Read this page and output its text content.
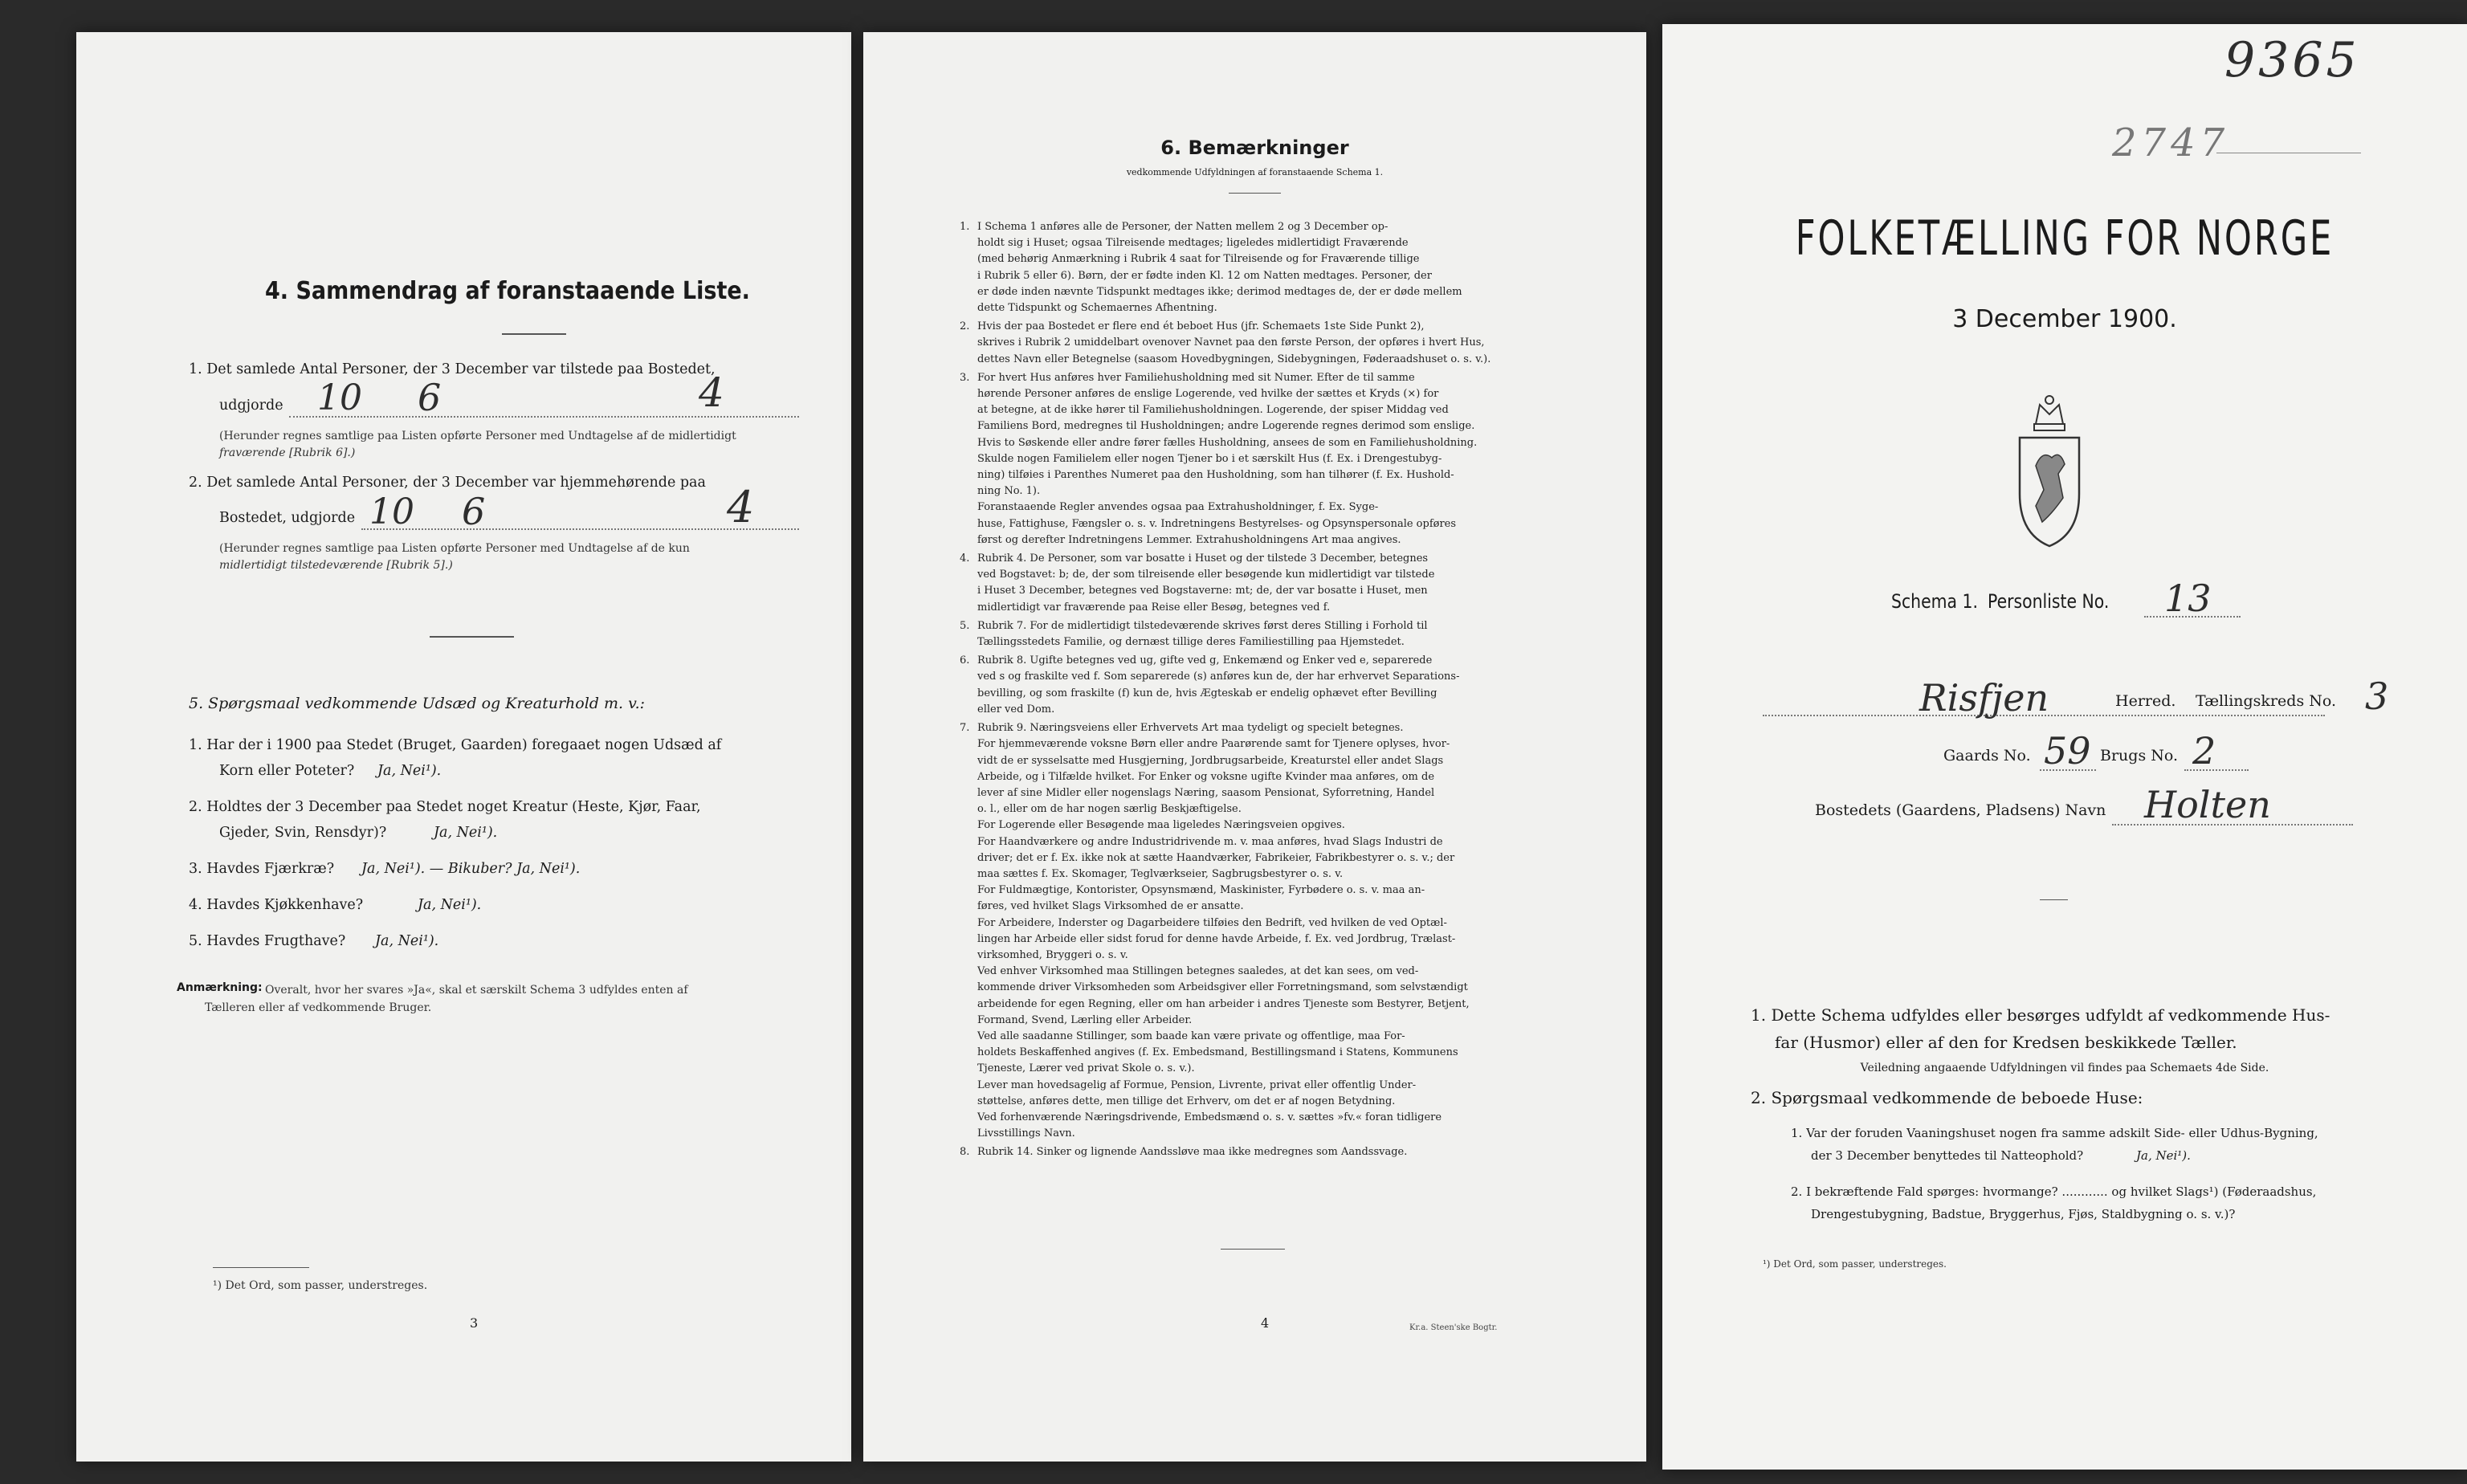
4. Sammendrag af foranstaaende Liste.
1. Det samlede Antal Personer, der 3 December var tilstede paa Bostedet,
udgjorde 10 6	4
(Herunder regnes samtlige paa Listen opførte Personer med Undtagelse af de midlertidigt
fraværende [Rubrik 6].)
2. Det samlede Antal Personer, der 3 December var hjemmehørende paa
Bostedet, udgjorde 10 6	4
(Herunder regnes samtlige paa Listen opførte Personer med Undtagelse af de kun
midlertidigt tilstedeværende [Rubrik 5].)
5. Spørgsmaal vedkommende Udsæd og Kreaturhold m. v.:
1. Har der i 1900 paa Stedet (Bruget, Gaarden) foregaaet nogen Udsæd af
Korn eller Poteter? Ja, Nei¹).
2. Holdtes der 3 December paa Stedet noget Kreatur (Heste, Kjør, Faar,
Gjeder, Svin, Rensdyr)?	Ja, Nei¹).
3. Havdes Fjærkræ? Ja, Nei¹). — Bikuber? Ja, Nei¹).
4. Havdes Kjøkkenhave?	Ja, Nei¹).
5. Havdes Frugthave? Ja, Nei¹).
Anmærkning: Overalt, hvor her svares »Ja«, skal et særskilt Schema 3 udfyldes enten af
Tælleren eller af vedkommende Bruger.
¹) Det Ord, som passer, understreges.
3
6. Bemærkninger
vedkommende Udfyldningen af foranstaaende Schema 1.
1. I Schema 1 anføres alle de Personer, der Natten mellem 2 og 3 December op-
holdt sig i Huset; ogsaa Tilreisende medtages; ligeledes midlertidigt Fraværende
(med behørig Anmærkning i Rubrik 4 saat for Tilreisende og for Fraværende tillige
i Rubrik 5 eller 6). Børn, der er fødte inden Kl. 12 om Natten medtages. Personer, der
er døde inden nævnte Tidspunkt medtages ikke; derimod medtages de, der er døde mellem
dette Tidspunkt og Schemaernes Afhentning.
2. Hvis der paa Bostedet er flere end ét beboet Hus (jfr. Schemaets 1ste Side Punkt 2),
skrives i Rubrik 2 umiddelbart ovenover Navnet paa den første Person, der opføres i hvert Hus,
dettes Navn eller Betegnelse (saasom Hovedbygningen, Sidebygningen, Føderaadshuset o. s. v.).
3. For hvert Hus anføres hver Familiehusholdning med sit Numer. Efter de til samme
hørende Personer anføres de enslige Logerende, ved hvilke der sættes et Kryds (×) for
at betegne, at de ikke hører til Familiehusholdningen. Logerende, der spiser Middag ved
Familiens Bord, medregnes til Husholdningen; andre Logerende regnes derimod som enslige.
Hvis to Søskende eller andre fører fælles Husholdning, ansees de som en Familiehusholdning.
Skulde nogen Familielem eller nogen Tjener bo i et særskilt Hus (f. Ex. i Drengestubyg-
ning) tilføies i Parenthes Numeret paa den Husholdning, som han tilhører (f. Ex. Hushold-
ning No. 1).
Foranstaaende Regler anvendes ogsaa paa Extrahusholdninger, f. Ex. Syge-
huse, Fattighuse, Fængsler o. s. v. Indretningens Bestyrelses- og Opsynspersonale opføres
først og derefter Indretningens Lemmer. Extrahusholdningens Art maa angives.
4. Rubrik 4. De Personer, som var bosatte i Huset og der tilstede 3 December, betegnes
ved Bogstavet: b; de, der som tilreisende eller besøgende kun midlertidigt var tilstede
i Huset 3 December, betegnes ved Bogstaverne: mt; de, der var bosatte i Huset, men
midlertidigt var fraværende paa Reise eller Besøg, betegnes ved f.
5. Rubrik 7. For de midlertidigt tilstedeværende skrives først deres Stilling i Forhold til
Tællingsstedets Familie, og dernæst tillige deres Familiestilling paa Hjemstedet.
6. Rubrik 8. Ugifte betegnes ved ug, gifte ved g, Enkemænd og Enker ved e, separerede
ved s og fraskilte ved f. Som separerede (s) anføres kun de, der har erhvervet Separations-
bevilling, og som fraskilte (f) kun de, hvis Ægteskab er endelig ophævet efter Bevilling
eller ved Dom.
7. Rubrik 9. Næringsveiens eller Erhvervets Art maa tydeligt og specielt betegnes.
For hjemmeværende voksne Børn eller andre Paarørende samt for Tjenere oplyses, hvor-
vidt de er sysselsatte med Husgjerning, Jordbrugsarbeide, Kreaturstel eller andet Slags
Arbeide, og i Tilfælde hvilket. For Enker og voksne ugifte Kvinder maa anføres, om de
lever af sine Midler eller nogenslags Næring, saasom Pensionat, Syforretning, Handel
o. l., eller om de har nogen særlig Beskjæftigelse.
For Logerende eller Besøgende maa ligeledes Næringsveien opgives.
For Haandværkere og andre Industridrivende m. v. maa anføres, hvad Slags Industri de
driver; det er f. Ex. ikke nok at sætte Haandværker, Fabrikeier, Fabrikbestyrer o. s. v.; der
maa sættes f. Ex. Skomager, Teglværkseier, Sagbrugsbestyrer o. s. v.
For Fuldmægtige, Kontorister, Opsynsmænd, Maskinister, Fyrbødere o. s. v. maa an-
føres, ved hvilket Slags Virksomhed de er ansatte.
For Arbeidere, Inderster og Dagarbeidere tilføies den Bedrift, ved hvilken de ved Optæl-
lingen har Arbeide eller sidst forud for denne havde Arbeide, f. Ex. ved Jordbrug, Trælast-
virksomhed, Bryggeri o. s. v.
Ved enhver Virksomhed maa Stillingen betegnes saaledes, at det kan sees, om ved-
kommende driver Virksomheden som Arbeidsgiver eller Forretningsmand, som selvstændigt
arbeidende for egen Regning, eller om han arbeider i andres Tjeneste som Bestyrer, Betjent,
Formand, Svend, Lærling eller Arbeider.
Ved alle saadanne Stillinger, som baade kan være private og offentlige, maa For-
holdets Beskaffenhed angives (f. Ex. Embedsmand, Bestillingsmand i Statens, Kommunens
Tjeneste, Lærer ved privat Skole o. s. v.).
Lever man hovedsagelig af Formue, Pension, Livrente, privat eller offentlig Under-
støttelse, anføres dette, men tillige det Erhverv, om det er af nogen Betydning.
Ved forhenværende Næringsdrivende, Embedsmænd o. s. v. sættes »fv.« foran tidligere
Livsstillings Navn.
8. Rubrik 14. Sinker og lignende Aandssløve maa ikke medregnes som Aandssvage.
4	Kr.a. Steen'ske Bogtr.
9365
2747
FOLKETÆLLING FOR NORGE
3 December 1900.
Schema 1. Personliste No. 13
Risfjen	Herred. Tællingskreds No. 3
Gaards No. 59 Brugs No. 2
Bostedets (Gaardens, Pladsens) Navn Holten
1. Dette Schema udfyldes eller besørges udfyldt af vedkommende Hus-
far (Husmor) eller af den for Kredsen beskikkede Tæller.
Veiledning angaaende Udfyldningen vil findes paa Schemaets 4de Side.
2. Spørgsmaal vedkommende de beboede Huse:
1. Var der foruden Vaaningshuset nogen fra samme adskilt Side- eller Udhus-Bygning,
der 3 December benyttedes til Natteophold?	Ja, Nei¹).
2. I bekræftende Fald spørges: hvormange? ............ og hvilket Slags¹) (Føderaadshus,
Drengestubygning, Badstue, Bryggerhus, Fjøs, Staldbygning o. s. v.)?
¹) Det Ord, som passer, understreges.
